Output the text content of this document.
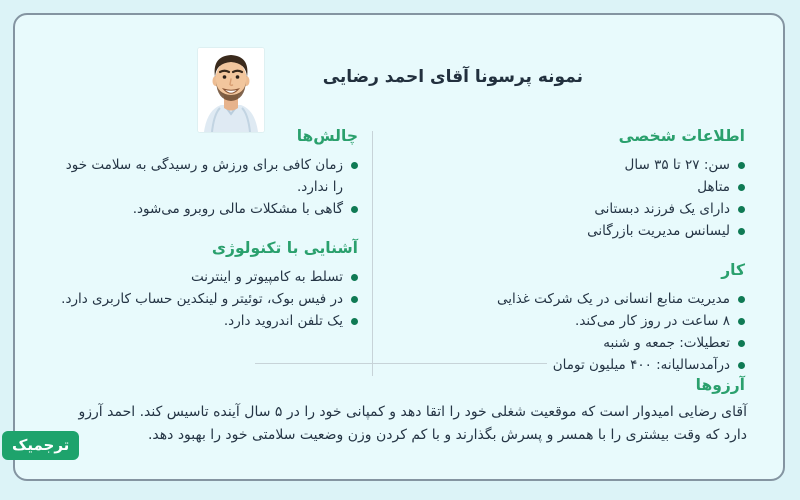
نمونه پرسونا آقای احمد رضایی
اطلاعات شخصی
سن: ۲۷ تا ۳۵ سال
متاهل
دارای یک فرزند دبستانی
لیسانس مدیریت بازرگانی
کار
مدیریت منابع انسانی در یک شرکت غذایی
۸ ساعت در روز کار می‌کند.
تعطیلات: جمعه و شنبه
درآمدسالیانه: ۴۰۰ میلیون تومان
چالش‌ها
زمان کافی برای ورزش و رسیدگی به سلامت خود را ندارد.
گاهی با مشکلات مالی روبرو می‌شود.
آشنایی با تکنولوژی
تسلط به کامپیوتر و اینترنت
در فیس بوک، توئیتر و لینکدین حساب کاربری دارد.
یک تلفن اندروید دارد.
آرزوها

آقای رضایی امیدوار است که موقعیت شغلی خود را اتقا دهد و کمپانی خود را در ۵ سال آینده تاسیس کند. احمد آرزو دارد که وقت بیشتری را با همسر و پسرش بگذارند و با کم کردن وزن وضعیت سلامتی خود را بهبود دهد.

ترجمیک
